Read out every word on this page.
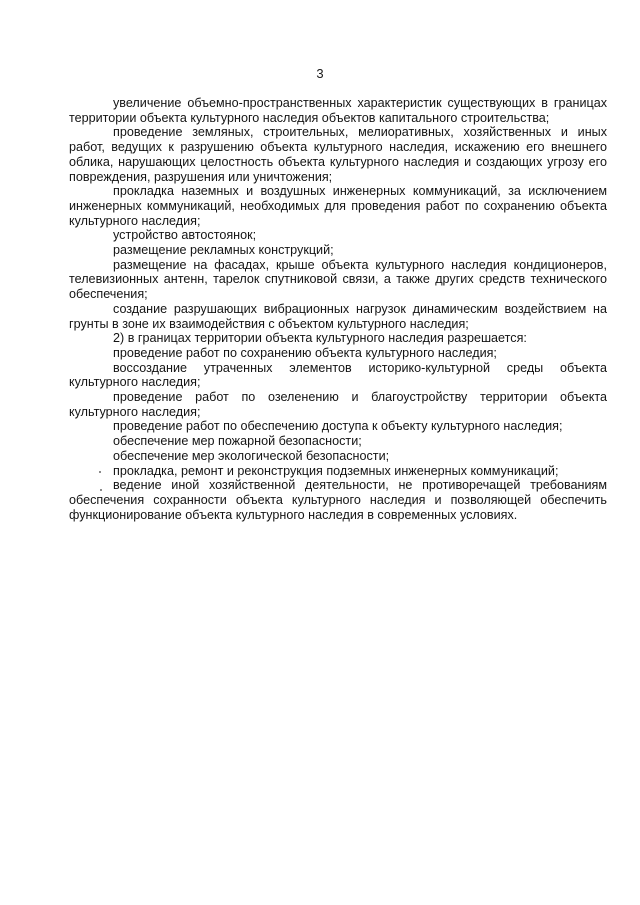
3

увеличение объемно-пространственных характеристик существующих в границах территории объекта культурного наследия объектов капитального строительства;

проведение земляных, строительных, мелиоративных, хозяйственных и иных работ, ведущих к разрушению объекта культурного наследия, искажению его внешнего облика, нарушающих целостность объекта культурного наследия и создающих угрозу его повреждения, разрушения или уничтожения;

прокладка наземных и воздушных инженерных коммуникаций, за исключением инженерных коммуникаций, необходимых для проведения работ по сохранению объекта культурного наследия;

устройство автостоянок;

размещение рекламных конструкций;

размещение на фасадах, крыше объекта культурного наследия кондиционеров, телевизионных антенн, тарелок спутниковой связи, а также других средств технического обеспечения;

создание разрушающих вибрационных нагрузок динамическим воздействием на грунты в зоне их взаимодействия с объектом культурного наследия;

2) в границах территории объекта культурного наследия разрешается:

проведение работ по сохранению объекта культурного наследия;

воссоздание утраченных элементов историко-культурной среды объекта культурного наследия;

проведение работ по озеленению и благоустройству территории объекта культурного наследия;

проведение работ по обеспечению доступа к объекту культурного наследия;

обеспечение мер пожарной безопасности;

обеспечение мер экологической безопасности;

прокладка, ремонт и реконструкция подземных инженерных коммуникаций;

ведение иной хозяйственной деятельности, не противоречащей требованиям обеспечения сохранности объекта культурного наследия и позволяющей обеспечить функционирование объекта культурного наследия в современных условиях.
